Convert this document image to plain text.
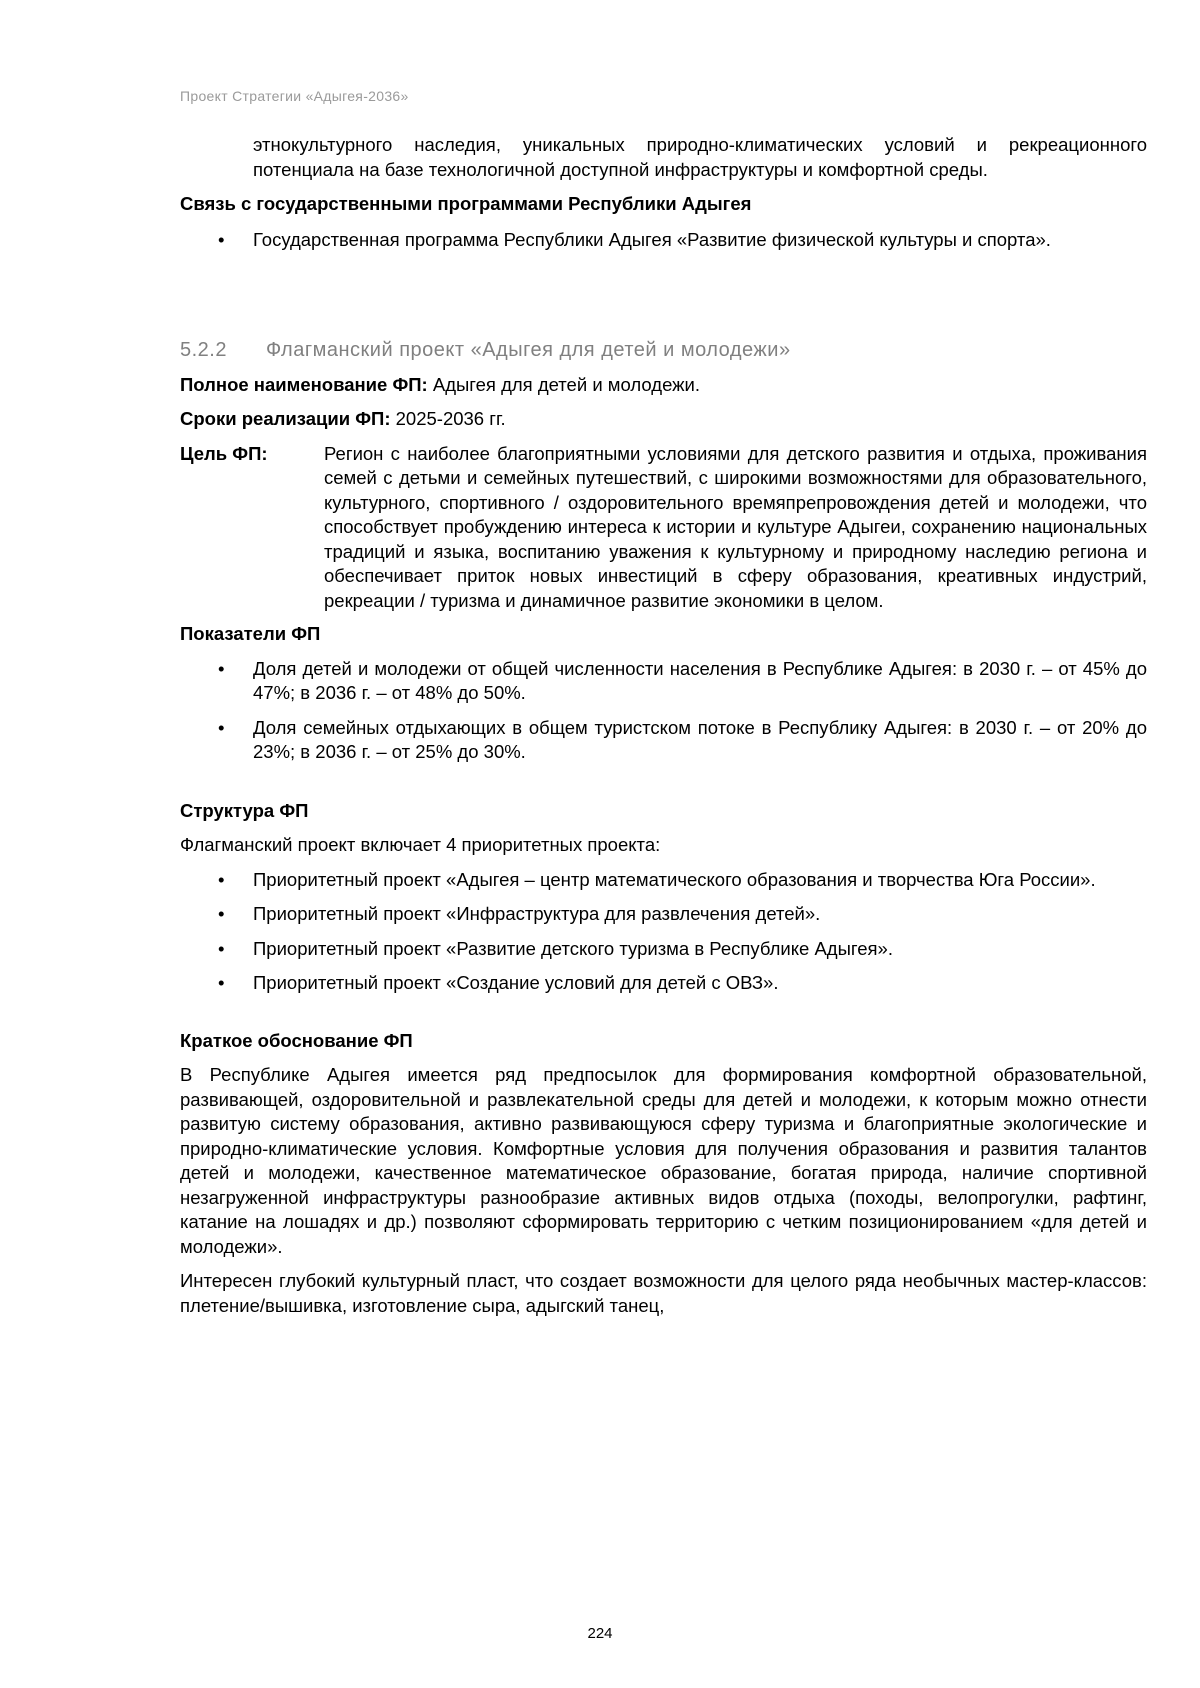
Проект Стратегии «Адыгея-2036»

этнокультурного наследия, уникальных природно-климатических условий и рекреационного потенциала на базе технологичной доступной инфраструктуры и комфортной среды.

Связь с государственными программами Республики Адыгея

• Государственная программа Республики Адыгея «Развитие физической культуры и спорта».
5.2.2	Флагманский проект «Адыгея для детей и молодежи»

Полное наименование ФП: Адыгея для детей и молодежи.

Сроки реализации ФП: 2025-2036 гг.

Цель ФП:	Регион с наиболее благоприятными условиями для детского развития и отдыха, проживания семей с детьми и семейных путешествий, с широкими возможностями для образовательного, культурного, спортивного / оздоровительного времяпрепровождения детей и молодежи, что способствует пробуждению интереса к истории и культуре Адыгеи, сохранению национальных традиций и языка, воспитанию уважения к культурному и природному наследию региона и обеспечивает приток новых инвестиций в сферу образования, креативных индустрий, рекреации / туризма и динамичное развитие экономики в целом.

Показатели ФП

• Доля детей и молодежи от общей численности населения в Республике Адыгея: в 2030 г. – от 45% до 47%; в 2036 г. – от 48% до 50%.
• Доля семейных отдыхающих в общем туристском потоке в Республику Адыгея: в 2030 г. – от 20% до 23%; в 2036 г. – от 25% до 30%.

Структура ФП

Флагманский проект включает 4 приоритетных проекта:

• Приоритетный проект «Адыгея – центр математического образования и творчества Юга России».
• Приоритетный проект «Инфраструктура для развлечения детей».
• Приоритетный проект «Развитие детского туризма в Республике Адыгея».
• Приоритетный проект «Создание условий для детей с ОВЗ».

Краткое обоснование ФП

В Республике Адыгея имеется ряд предпосылок для формирования комфортной образовательной, развивающей, оздоровительной и развлекательной среды для детей и молодежи, к которым можно отнести развитую систему образования, активно развивающуюся сферу туризма и благоприятные экологические и природно-климатические условия. Комфортные условия для получения образования и развития талантов детей и молодежи, качественное математическое образование, богатая природа, наличие спортивной незагруженной инфраструктуры разнообразие активных видов отдыха (походы, велопрогулки, рафтинг, катание на лошадях и др.) позволяют сформировать территорию с четким позиционированием «для детей и молодежи».

Интересен глубокий культурный пласт, что создает возможности для целого ряда необычных мастер-классов: плетение/вышивка, изготовление сыра, адыгский танец,

224
